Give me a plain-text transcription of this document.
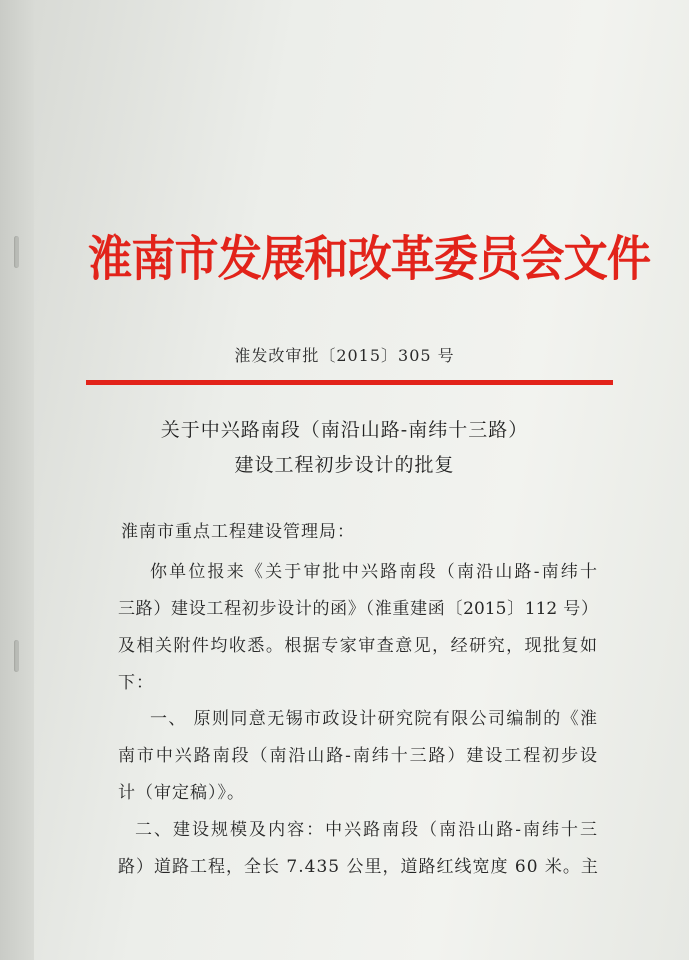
淮南市发展和改革委员会文件
淮发改审批〔2015〕305 号
关于中兴路南段（南沿山路-南纬十三路）
建设工程初步设计的批复
淮南市重点工程建设管理局：
你单位报来《关于审批中兴路南段（南沿山路-南纬十
三路）建设工程初步设计的函》（淮重建函〔2015〕112 号）
及相关附件均收悉。根据专家审查意见，经研究，现批复如
下：
一、 原则同意无锡市政设计研究院有限公司编制的《淮
南市中兴路南段（南沿山路-南纬十三路）建设工程初步设
计（审定稿）》。
二、建设规模及内容：中兴路南段（南沿山路-南纬十三
路）道路工程，全长 7.435 公里，道路红线宽度 60 米。主
